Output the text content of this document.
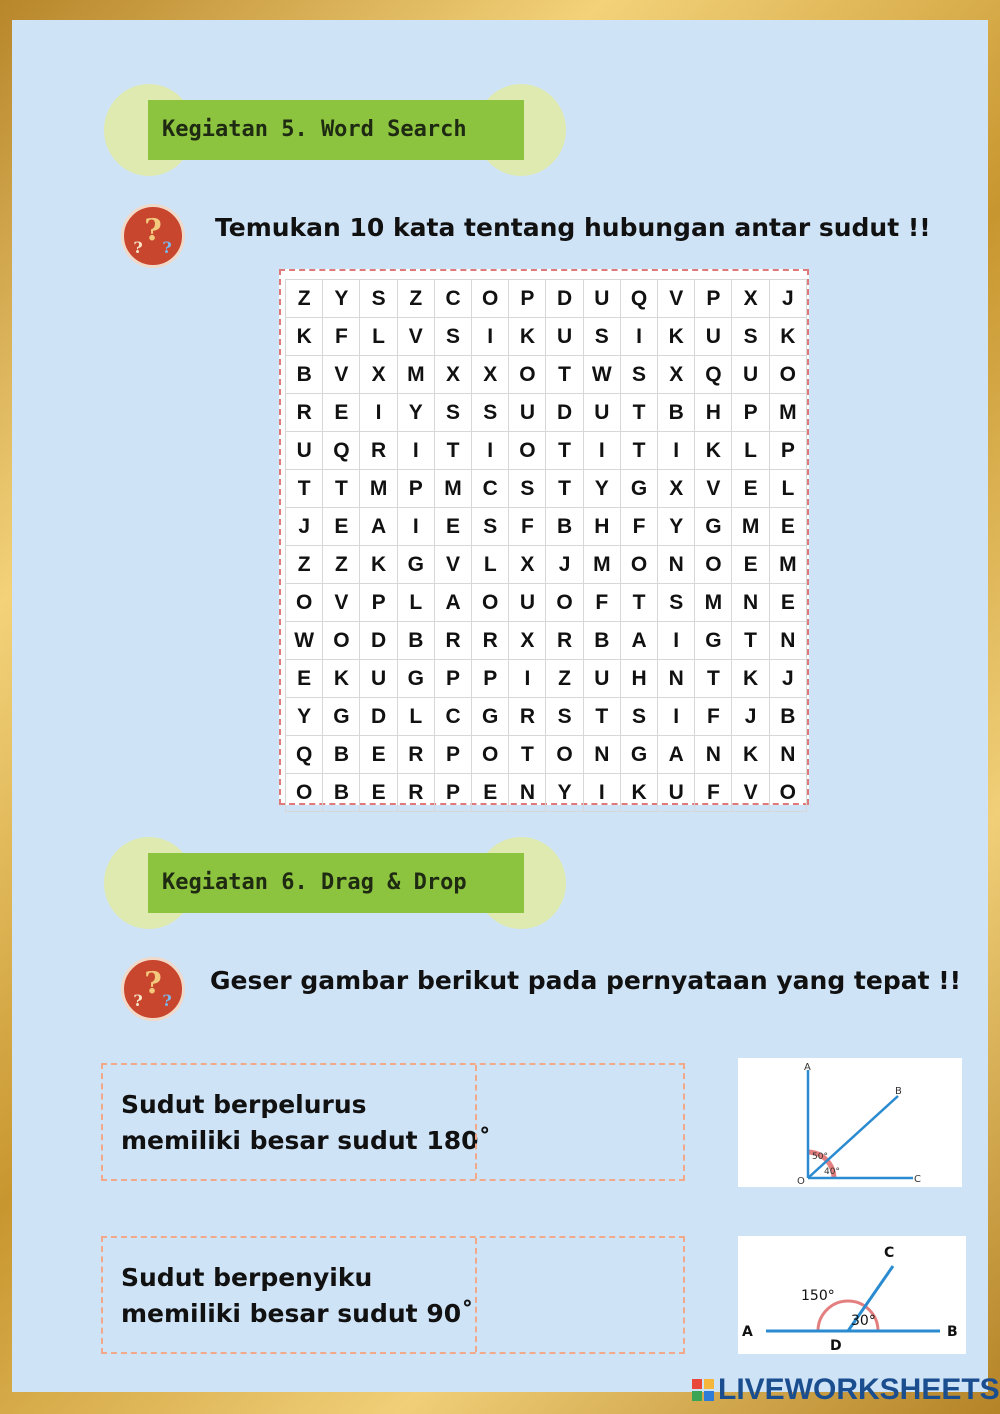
Kegiatan 5. Word Search
?
? ?
Temukan 10 kata tentang hubungan antar sudut !!
Z	Y	S	Z	C	O	P	D	U	Q	V	P	X	J
K	F	L	V	S	I	K	U	S	I	K	U	S	K
B	V	X	M	X	X	O	T	W	S	X	Q	U	O
R	E	I	Y	S	S	U	D	U	T	B	H	P	M
U	Q	R	I	T	I	O	T	I	T	I	K	L	P
T	T	M	P	M	C	S	T	Y	G	X	V	E	L
J	E	A	I	E	S	F	B	H	F	Y	G	M	E
Z	Z	K	G	V	L	X	J	M	O	N	O	E	M
O	V	P	L	A	O	U	O	F	T	S	M	N	E
W	O	D	B	R	R	X	R	B	A	I	G	T	N
E	K	U	G	P	P	I	Z	U	H	N	T	K	J
Y	G	D	L	C	G	R	S	T	S	I	F	J	B
Q	B	E	R	P	O	T	O	N	G	A	N	K	N
O	B	E	R	P	E	N	Y	I	K	U	F	V	O
Kegiatan 6. Drag & Drop
?
? ?
Geser gambar berikut pada pernyataan yang tepat !!
Sudut berpelurus
memiliki besar sudut 180˚
Sudut berpenyiku
memiliki besar sudut 90˚
A
B
O	C
50°
40°
A	B
C
D
150°
30°
LIVEWORKSHEETS
